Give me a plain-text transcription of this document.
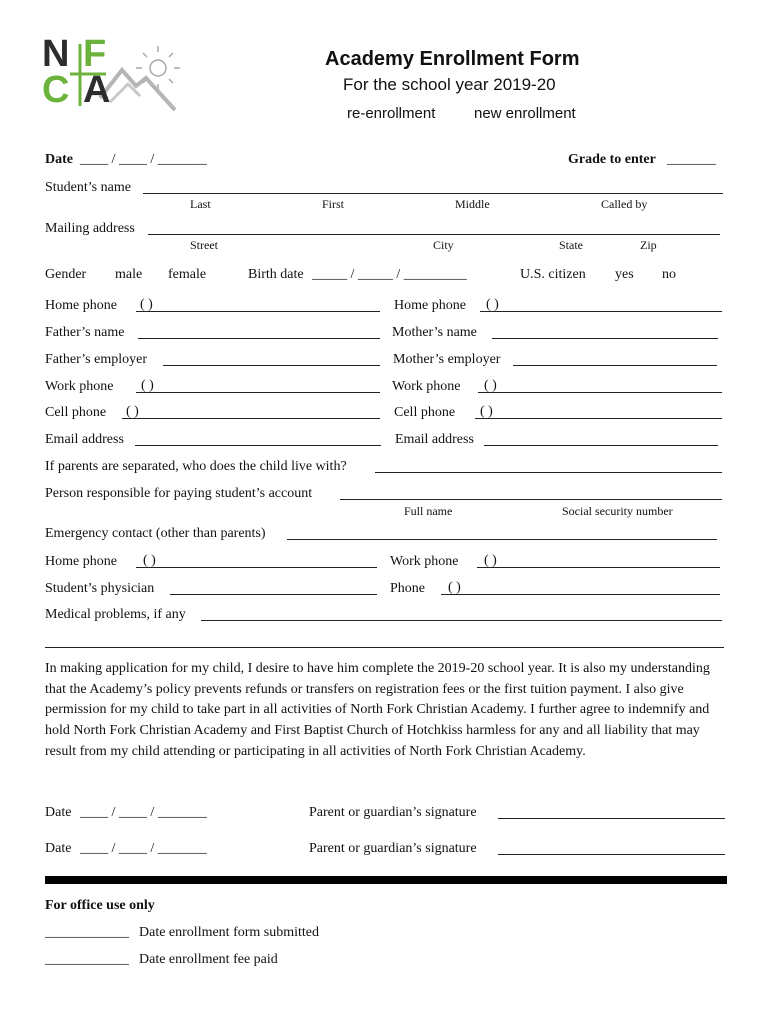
N F
C A
Academy Enrollment Form
For the school year 2019-20
re-enrollment	new enrollment
Date ____ / ____ / _______	Grade to enter _______
Student’s name
Last	First	Middle	Called by
Mailing address
Street	City	State	Zip
Gender male female	Birth date _____ / _____ / _________	U.S. citizen yes no
Home phone ( )	Home phone ( )
Father’s name	Mother’s name
Father’s employer	Mother’s employer
Work phone ( )	Work phone ( )
Cell phone ( )	Cell phone ( )
Email address	Email address
If parents are separated, who does the child live with?
Person responsible for paying student’s account
Full name	Social security number
Emergency contact (other than parents)
Home phone ( )	Work phone ( )
Student’s physician	Phone ( )
Medical problems, if any
In making application for my child, I desire to have him complete the 2019-20 school year. It is also my understanding that the Academy’s policy prevents refunds or transfers on registration fees or the first tuition payment. I also give permission for my child to take part in all activities of North Fork Christian Academy. I further agree to indemnify and hold North Fork Christian Academy and First Baptist Church of Hotchkiss harmless for any and all liability that may result from my child attending or participating in all activities of North Fork Christian Academy.
Date ____ / ____ / _______	Parent or guardian’s signature
Date ____ / ____ / _______	Parent or guardian’s signature
For office use only
____________ Date enrollment form submitted
____________ Date enrollment fee paid
